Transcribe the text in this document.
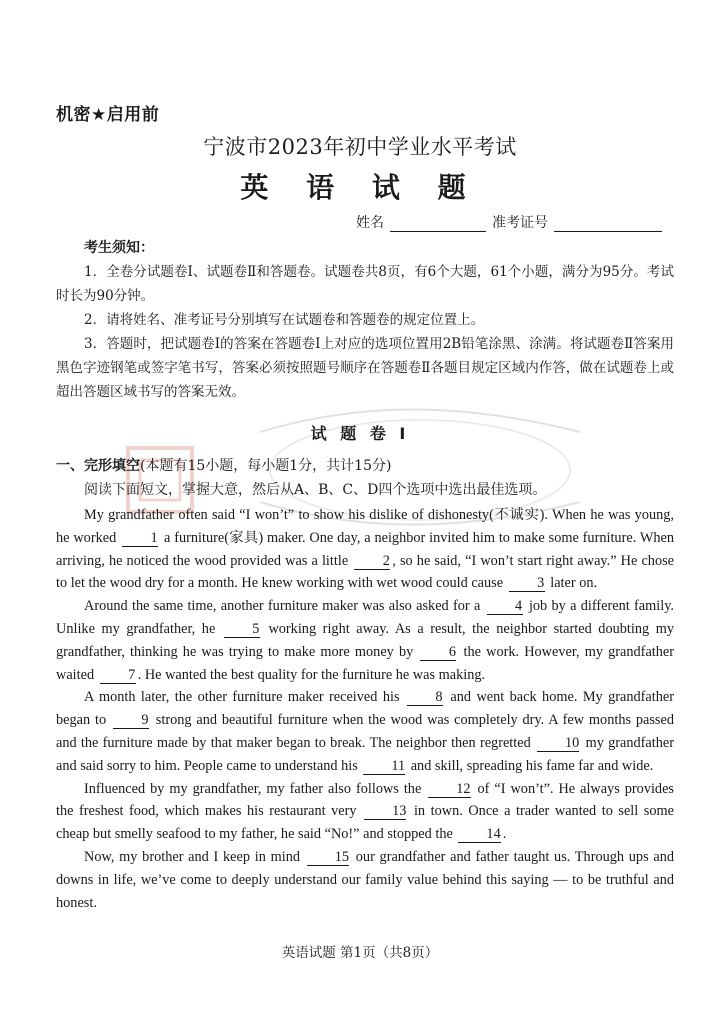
机密★启用前
宁波市2023年初中学业水平考试
英 语 试 题
姓名	准考证号
考生须知：

1．全卷分试题卷Ⅰ、试题卷Ⅱ和答题卷。试题卷共8页，有6个大题，61个小题，满分为95分。考试时长为90分钟。

2．请将姓名、准考证号分别填写在试题卷和答题卷的规定位置上。

3．答题时，把试题卷Ⅰ的答案在答题卷Ⅰ上对应的选项位置用2B铅笔涂黑、涂满。将试题卷Ⅱ答案用黑色字迹钢笔或签字笔书写，答案必须按照题号顺序在答题卷Ⅱ各题目规定区域内作答，做在试题卷上或超出答题区域书写的答案无效。

试 题 卷 Ⅰ
一、完形填空(本题有15小题，每小题1分，共计15分)
阅读下面短文，掌握大意，然后从A、B、C、D四个选项中选出最佳选项。

My grandfather often said “I won’t” to show his dislike of dishonesty(不诚实). When he was young, he worked 1 a furniture(家具) maker. One day, a neighbor invited him to make some furniture. When arriving, he noticed the wood provided was a little 2 , so he said, “I won’t start right away.” He chose to let the wood dry for a month. He knew working with wet wood could cause 3 later on.

Around the same time, another furniture maker was also asked for a 4 job by a different family. Unlike my grandfather, he	5 working right away. As a result, the neighbor started doubting my grandfather, thinking he was trying to make more money by 6 the work. However, my grandfather waited 7 . He wanted the best quality for the furniture he was making.

A month later, the other furniture maker received his	8 and went back home. My grandfather began to 9 strong and beautiful furniture when the wood was completely dry. A few months passed and the furniture made by that maker began to break. The neighbor then regretted 10 my grandfather and said sorry to him. People came to understand his 11 and skill, spreading his fame far and wide.

Influenced by my grandfather, my father also follows the 12 of “I won’t”. He always provides the freshest food, which makes his restaurant very 13 in town. Once a trader wanted to sell some cheap but smelly seafood to my father, he said “No!” and stopped the 14 .

Now, my brother and I keep in mind 15 our grandfather and father taught us. Through ups and downs in life, we’ve come to deeply understand our family value behind this saying — to be truthful and honest.

英语试题 第1页（共8页）
